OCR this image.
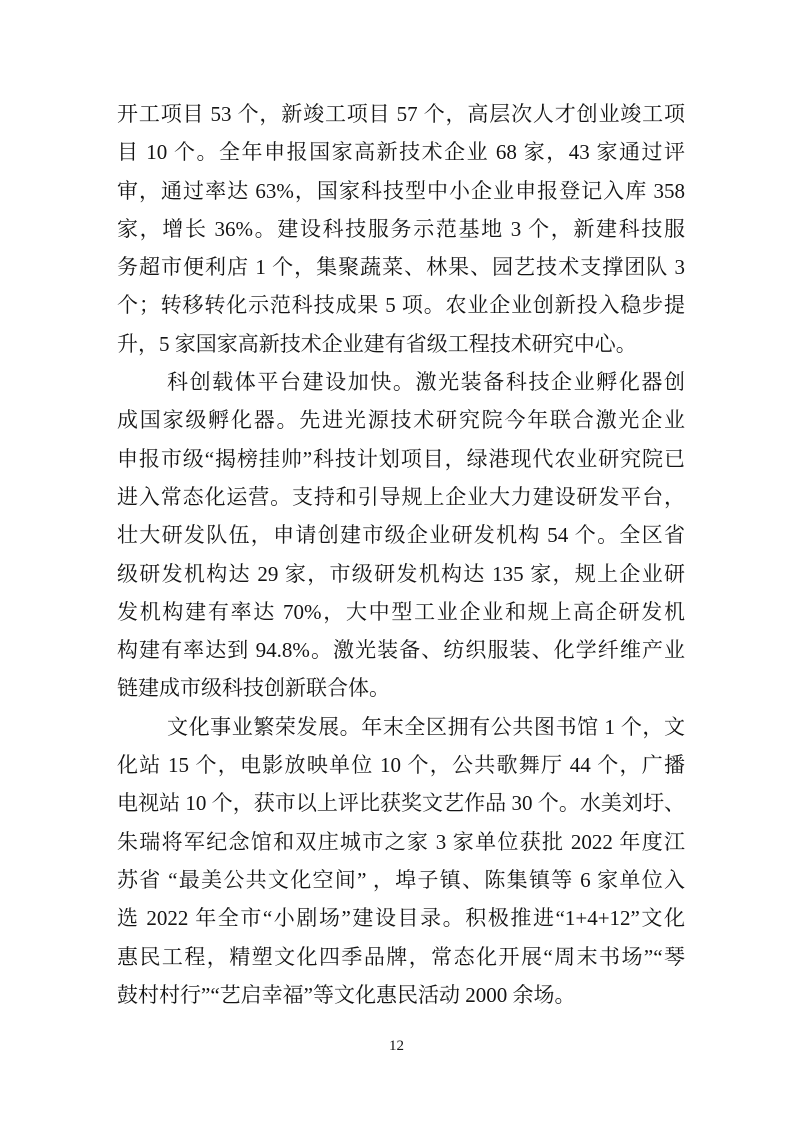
开工项目 53 个，新竣工项目 57 个，高层次人才创业竣工项
目 10 个。全年申报国家高新技术企业 68 家，43 家通过评
审，通过率达 63%，国家科技型中小企业申报登记入库 358
家，增长 36%。建设科技服务示范基地 3 个，新建科技服
务超市便利店 1 个，集聚蔬菜、林果、园艺技术支撑团队 3
个；转移转化示范科技成果 5 项。农业企业创新投入稳步提
升，5 家国家高新技术企业建有省级工程技术研究中心。
科创载体平台建设加快。激光装备科技企业孵化器创
成国家级孵化器。先进光源技术研究院今年联合激光企业
申报市级“揭榜挂帅”科技计划项目，绿港现代农业研究院已
进入常态化运营。支持和引导规上企业大力建设研发平台，
壮大研发队伍，申请创建市级企业研发机构 54 个。全区省
级研发机构达 29 家，市级研发机构达 135 家，规上企业研
发机构建有率达 70%，大中型工业企业和规上高企研发机
构建有率达到 94.8%。激光装备、纺织服装、化学纤维产业
链建成市级科技创新联合体。
文化事业繁荣发展。年末全区拥有公共图书馆 1 个，文
化站 15 个，电影放映单位 10 个，公共歌舞厅 44 个，广播
电视站 10 个，获市以上评比获奖文艺作品 30 个。水美刘圩、
朱瑞将军纪念馆和双庄城市之家 3 家单位获批 2022 年度江
苏省 “最美公共文化空间” ，埠子镇、陈集镇等 6 家单位入
选 2022 年全市“小剧场”建设目录。积极推进“1+4+12”文化
惠民工程，精塑文化四季品牌，常态化开展“周末书场”“琴
鼓村村行”“艺启幸福”等文化惠民活动 2000 余场。
12
